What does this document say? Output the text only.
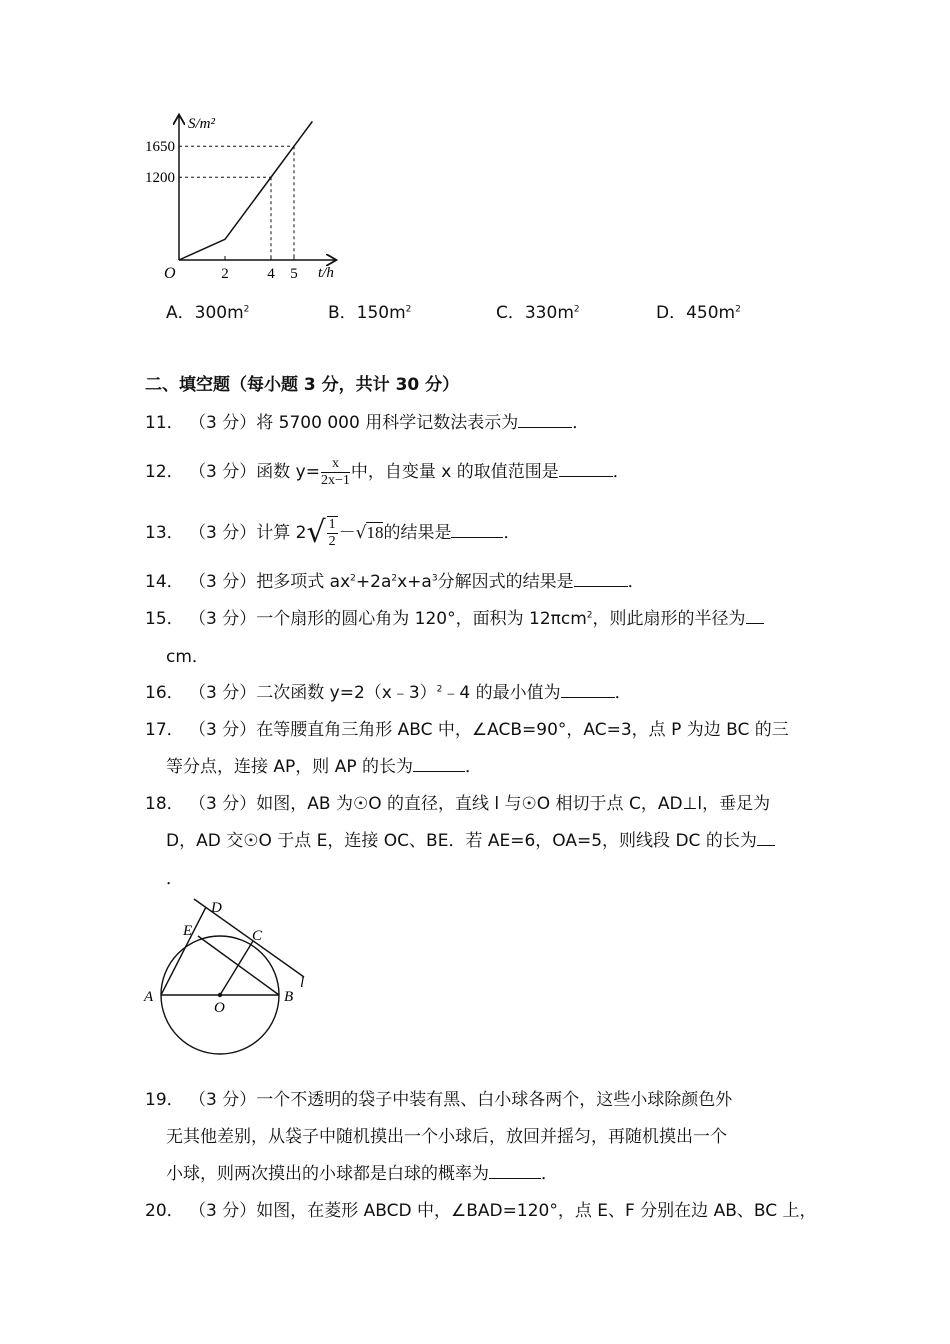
S/m²
t/h
O	2	4 5
1200
1650
A．$300m^2$	B．$150m^2$	C．$330m^2$	D．$450m^2$
二、填空题（每小题 3 分，共计 30 分）
11． （3 分）将 5700 000 用科学记数法表示为	．
12． （3 分）函数 $y= \frac{x}{2x-1}$ 中，自变量 x 的取值范围是	．
13． （3 分）计算 $2√ \frac{1}{2} -√18$的结果是	．
14． （3 分）把多项式 $ax^2+2a^2x+a^3$分解因式的结果是	．
15． （3 分）一个扇形的圆心角为 120°，面积为 12πcm$^2$，则此扇形的半径为
cm．
16． （3 分）二次函数 y=2（x﹣3）$^2$﹣4 的最小值为	．
17． （3 分）在等腰直角三角形 ABC 中，∠ACB=90°，AC=3，点 P 为边 BC 的三
等分点，连接 AP，则 AP 的长为	．
18． （3 分）如图，AB 为☉O 的直径，直线 l 与☉O 相切于点 C，AD⊥l，垂足为
D，AD 交☉O 于点 E，连接 OC、BE．若 AE=6，OA=5，则线段 DC 的长为
．
D
E	C
A
O
B
l
19． （3 分）一个不透明的袋子中装有黑、白小球各两个，这些小球除颜色外
无其他差别，从袋子中随机摸出一个小球后，放回并摇匀，再随机摸出一个
小球，则两次摸出的小球都是白球的概率为	．
20． （3 分）如图，在菱形 ABCD 中，∠BAD=120°，点 E、F 分别在边 AB、BC 上，
